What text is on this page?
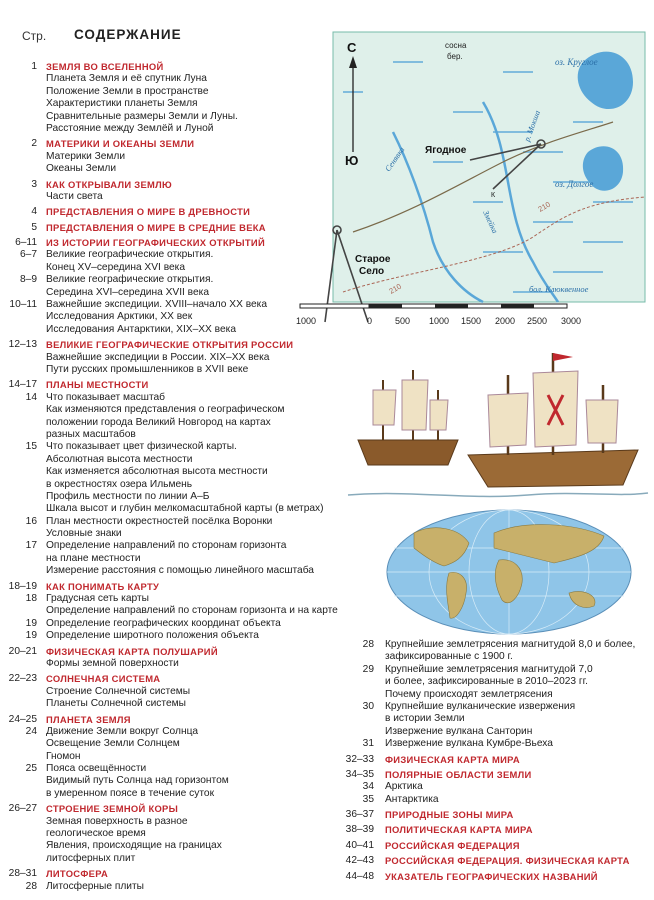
Стр. СОДЕРЖАНИЕ
1 ЗЕМЛЯ ВО ВСЕЛЕННОЙ
Планета Земля и её спутник Луна
Положение Земли в пространстве
Характеристики планеты Земля
Сравнительные размеры Земли и Луны.
Расстояние между Землёй и Луной
2 МАТЕРИКИ И ОКЕАНЫ ЗЕМЛИ
Материки Земли
Океаны Земли
3 КАК ОТКРЫВАЛИ ЗЕМЛЮ
Части света
4 ПРЕДСТАВЛЕНИЯ О МИРЕ В ДРЕВНОСТИ
5 ПРЕДСТАВЛЕНИЯ О МИРЕ В СРЕДНИЕ ВЕКА
6–11 ИЗ ИСТОРИИ ГЕОГРАФИЧЕСКИХ ОТКРЫТИЙ
6–7 Великие географические открытия.
Конец XV–середина XVI века
8–9 Великие географические открытия.
Середина XVI–середина XVII века
10–11 Важнейшие экспедиции. XVIII–начало XX века
Исследования Арктики, XX век
Исследования Антарктики, XIX–XX века
12–13 ВЕЛИКИЕ ГЕОГРАФИЧЕСКИЕ ОТКРЫТИЯ РОССИИ
Важнейшие экспедиции в России. XIX–XX века
Пути русских промышленников в XVII веке
14–17 ПЛАНЫ МЕСТНОСТИ
14 Что показывает масштаб
Как изменяются представления о географическом
положении города Великий Новгород на картах
разных масштабов
15 Что показывает цвет физической карты.
Абсолютная высота местности
Как изменяется абсолютная высота местности
в окрестностях озера Ильмень
Профиль местности по линии А–Б
Шкала высот и глубин мелкомасштабной карты (в метрах)
16 План местности окрестностей посёлка Воронки
Условные знаки
17 Определение направлений по сторонам горизонта
на плане местности
Измерение расстояния с помощью линейного масштаба
18–19 КАК ПОНИМАТЬ КАРТУ
18 Градусная сеть карты
Определение направлений по сторонам горизонта и на карте
19 Определение географических координат объекта
19 Определение широтного положения объекта
20–21 ФИЗИЧЕСКАЯ КАРТА ПОЛУШАРИЙ
Формы земной поверхности
22–23 СОЛНЕЧНАЯ СИСТЕМА
Строение Солнечной системы
Планеты Солнечной системы
24–25 ПЛАНЕТА ЗЕМЛЯ
24 Движение Земли вокруг Солнца
Освещение Земли Солнцем
Гномон
25 Пояса освещённости
Видимый путь Солнца над горизонтом
в умеренном поясе в течение суток
26–27 СТРОЕНИЕ ЗЕМНОЙ КОРЫ
Земная поверхность в разное
геологическое время
Явления, происходящие на границах
литосферных плит
28–31 ЛИТОСФЕРА
28 Литосферные плиты
28 Крупнейшие землетрясения магнитудой 8,0 и более,
зафиксированные с 1900 г.
29 Крупнейшие землетрясения магнитудой 7,0
и более, зафиксированные в 2010–2023 гг.
Почему происходят землетрясения
30 Крупнейшие вулканические извержения
в истории Земли
Извержение вулкана Санторин
31 Извержение вулкана Кумбре-Вьеха
32–33 ФИЗИЧЕСКАЯ КАРТА МИРА
34–35 ПОЛЯРНЫЕ ОБЛАСТИ ЗЕМЛИ
34 Арктика
35 Антарктика
36–37 ПРИРОДНЫЕ ЗОНЫ МИРА
38–39 ПОЛИТИЧЕСКАЯ КАРТА МИРА
40–41 РОССИЙСКАЯ ФЕДЕРАЦИЯ
42–43 РОССИЙСКАЯ ФЕДЕРАЦИЯ. ФИЗИЧЕСКАЯ КАРТА
44–48 УКАЗАТЕЛЬ ГЕОГРАФИЧЕСКИХ НАЗВАНИЙ
С
Ю
Ягодное
Старое
Село
оз. Круглое
оз. Долгое
Сенявка
Змейка
р. Мокша
бол. Клюквенное
сосна
бер.
210
210
К
1000	0	500 1000 1500 2000 2500 3000
